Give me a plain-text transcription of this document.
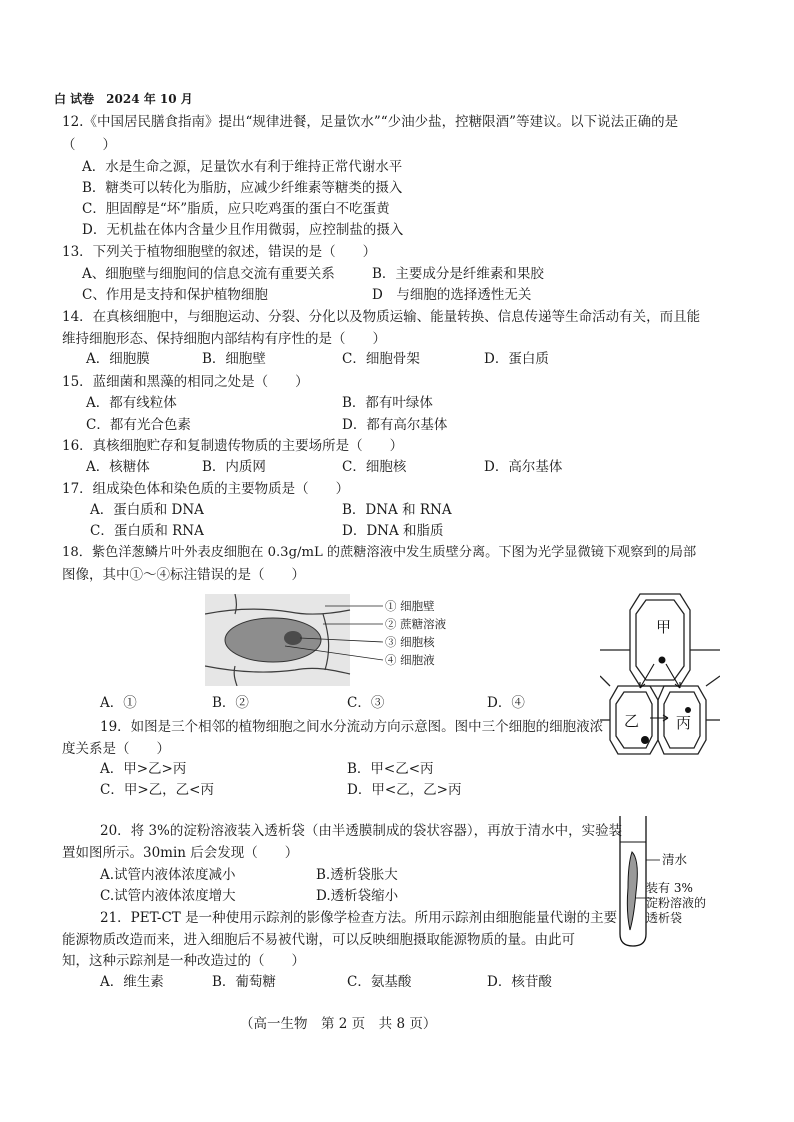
白 试卷　2024 年 10 月
12.《中国居民膳食指南》提出“规律进餐，足量饮水”“少油少盐，控糖限酒”等建议。以下说法正确的是
（　　）
A．水是生命之源，足量饮水有利于维持正常代谢水平
B．糖类可以转化为脂肪，应减少纤维素等糖类的摄入
C．胆固醇是“坏”脂质，应只吃鸡蛋的蛋白不吃蛋黄
D．无机盐在体内含量少且作用微弱，应控制盐的摄入
13．下列关于植物细胞壁的叙述，错误的是（　　）
A、细胞壁与细胞间的信息交流有重要关系	B．主要成分是纤维素和果胶
C、作用是支持和保护植物细胞	D　与细胞的选择透性无关
14．在真核细胞中，与细胞运动、分裂、分化以及物质运输、能量转换、信息传递等生命活动有关，而且能
维持细胞形态、保持细胞内部结构有序性的是（　　）
A．细胞膜	B．细胞壁	C．细胞骨架	D．蛋白质
15．蓝细菌和黑藻的相同之处是（　　）
A．都有线粒体	B．都有叶绿体
C．都有光合色素	D．都有高尔基体
16．真核细胞贮存和复制遗传物质的主要场所是（　　）
A．核糖体	B．内质网	C．细胞核	D．高尔基体
17．组成染色体和染色质的主要物质是（　　）
A．蛋白质和 DNA	B．DNA 和 RNA
C．蛋白质和 RNA	D．DNA 和脂质
18．紫色洋葱鳞片叶外表皮细胞在 0.3g/mL 的蔗糖溶液中发生质壁分离。下图为光学显微镜下观察到的局部
图像，其中①～④标注错误的是（　　）
① 细胞壁
② 蔗糖溶液
③ 细胞核
④ 细胞液
A．①	B．②	C．③	D．④
甲
乙 丙
19．如图是三个相邻的植物细胞之间水分流动方向示意图。图中三个细胞的细胞液浓
度关系是（　　）
A．甲>乙>丙	B．甲<乙<丙
C．甲>乙，乙<丙	D．甲<乙，乙>丙
20．将 3%的淀粉溶液装入透析袋（由半透膜制成的袋状容器），再放于清水中，实验装
置如图所示。30min 后会发现（　　）
A.试管内液体浓度减小	B.透析袋胀大
C.试管内液体浓度增大	D.透析袋缩小
清水
装有 3%
淀粉溶液的
透析袋
21．PET-CT 是一种使用示踪剂的影像学检查方法。所用示踪剂由细胞能量代谢的主要
能源物质改造而来，进入细胞后不易被代谢，可以反映细胞摄取能源物质的量。由此可
知，这种示踪剂是一种改造过的（　　）
A．维生素	B．葡萄糖	C．氨基酸	D．核苷酸
（高一生物　第 2 页　共 8 页）
